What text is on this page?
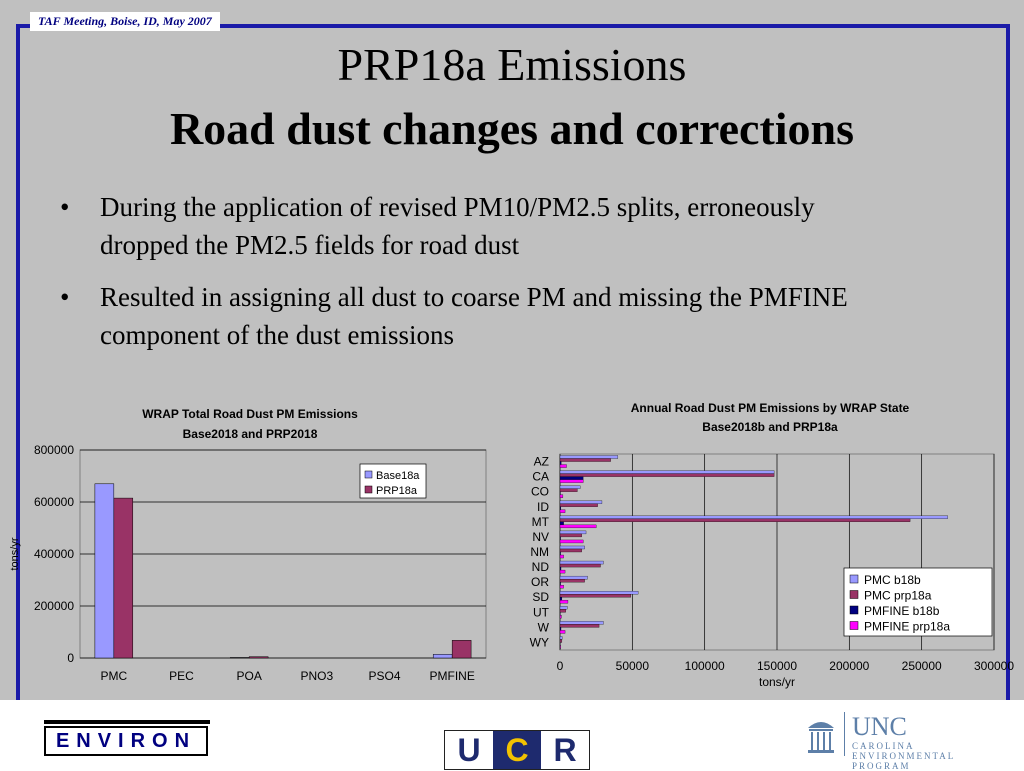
TAF Meeting, Boise, ID, May 2007
PRP18a Emissions
Road dust changes and corrections
• During the application of revised PM10/PM2.5 splits, erroneously dropped the PM2.5 fields for road dust
• Resulted in assigning all dust to coarse PM and missing the PMFINE component of the dust emissions
WRAP Total Road Dust PM Emissions
Base2018 and PRP2018
0
200000
400000
600000
800000
tons/yr
PMC	PEC	POA	PNO3	PSO4 PMFINE
Base18a
PRP18a
Annual Road Dust PM Emissions by WRAP State
Base2018b and PRP18a
0	50000	100000	150000	200000	250000	300000
tons/yr
AZ
CA
CO
ID
MT
NV
NM
ND
OR
SD
UT
W
WY
PMC b18b
PMC prp18a
PMFINE b18b
PMFINE prp18a
ENVIRON	U C R
UNC
CAROLINA
ENVIRONMENTAL PROGRAM
